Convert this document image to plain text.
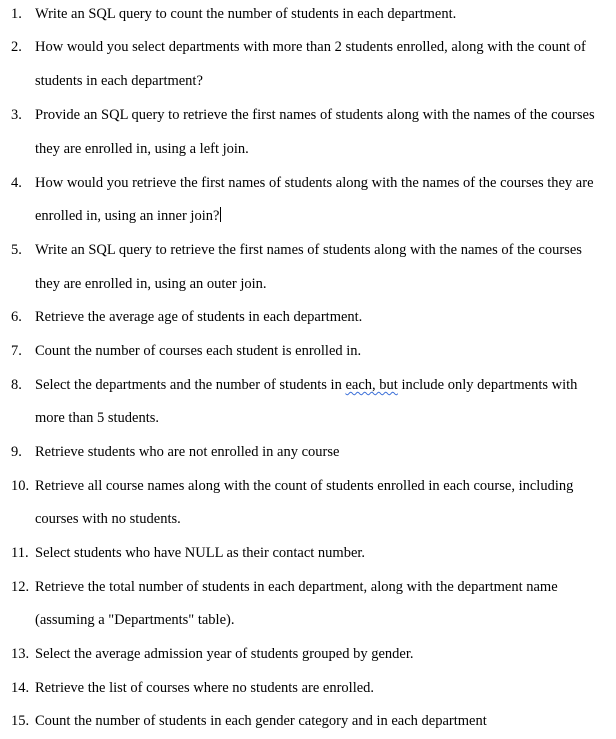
1. Write an SQL query to count the number of students in each department.
2. How would you select departments with more than 2 students enrolled, along with the count of
students in each department?
3. Provide an SQL query to retrieve the first names of students along with the names of the courses
they are enrolled in, using a left join.
4. How would you retrieve the first names of students along with the names of the courses they are
enrolled in, using an inner join?
5. Write an SQL query to retrieve the first names of students along with the names of the courses
they are enrolled in, using an outer join.
6. Retrieve the average age of students in each department.
7. Count the number of courses each student is enrolled in.
8. Select the departments and the number of students in each, but include only departments with
more than 5 students.
9. Retrieve students who are not enrolled in any course
10. Retrieve all course names along with the count of students enrolled in each course, including
courses with no students.
11. Select students who have NULL as their contact number.
12. Retrieve the total number of students in each department, along with the department name
(assuming a "Departments" table).
13. Select the average admission year of students grouped by gender.
14. Retrieve the list of courses where no students are enrolled.
15. Count the number of students in each gender category and in each department
